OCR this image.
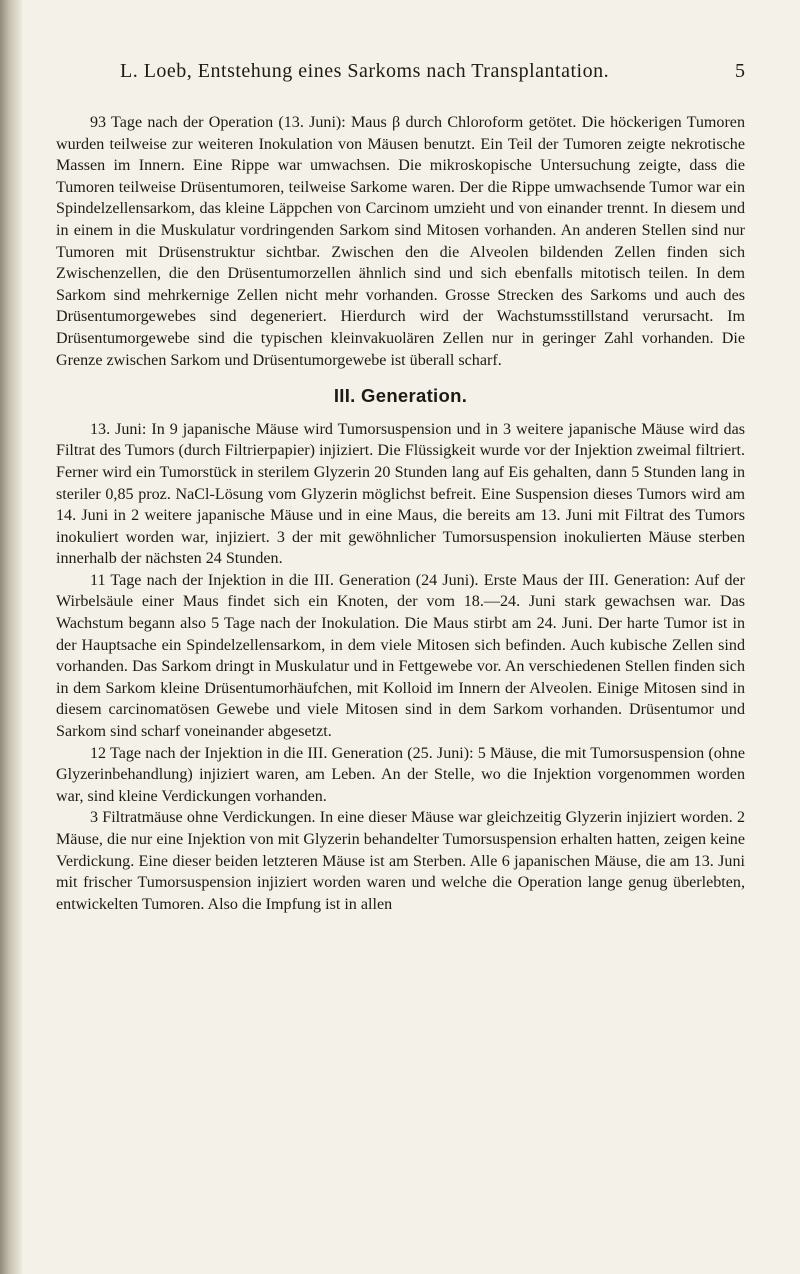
L. Loeb, Entstehung eines Sarkoms nach Transplantation.	5

93 Tage nach der Operation (13. Juni): Maus β durch Chloroform getötet. Die höckerigen Tumoren wurden teilweise zur weiteren Inokulation von Mäusen benutzt. Ein Teil der Tumoren zeigte nekrotische Massen im Innern. Eine Rippe war umwachsen. Die mikroskopische Untersuchung zeigte, dass die Tumoren teilweise Drüsentumoren, teilweise Sarkome waren. Der die Rippe umwachsende Tumor war ein Spindelzellensarkom, das kleine Läppchen von Carcinom umzieht und von einander trennt. In diesem und in einem in die Muskulatur vordringenden Sarkom sind Mitosen vorhanden. An anderen Stellen sind nur Tumoren mit Drüsenstruktur sichtbar. Zwischen den die Alveolen bildenden Zellen finden sich Zwischenzellen, die den Drüsentumorzellen ähnlich sind und sich ebenfalls mitotisch teilen. In dem Sarkom sind mehrkernige Zellen nicht mehr vorhanden. Grosse Strecken des Sarkoms und auch des Drüsentumorgewebes sind degeneriert. Hierdurch wird der Wachstumsstillstand verursacht. Im Drüsentumorgewebe sind die typischen kleinvakuolären Zellen nur in geringer Zahl vorhanden. Die Grenze zwischen Sarkom und Drüsentumorgewebe ist überall scharf.

III. Generation.

13. Juni: In 9 japanische Mäuse wird Tumorsuspension und in 3 weitere japanische Mäuse wird das Filtrat des Tumors (durch Filtrierpapier) injiziert. Die Flüssigkeit wurde vor der Injektion zweimal filtriert. Ferner wird ein Tumorstück in sterilem Glyzerin 20 Stunden lang auf Eis gehalten, dann 5 Stunden lang in steriler 0,85 proz. NaCl-Lösung vom Glyzerin möglichst befreit. Eine Suspension dieses Tumors wird am 14. Juni in 2 weitere japanische Mäuse und in eine Maus, die bereits am 13. Juni mit Filtrat des Tumors inokuliert worden war, injiziert. 3 der mit gewöhnlicher Tumorsuspension inokulierten Mäuse sterben innerhalb der nächsten 24 Stunden.

11 Tage nach der Injektion in die III. Generation (24 Juni). Erste Maus der III. Generation: Auf der Wirbelsäule einer Maus findet sich ein Knoten, der vom 18.—24. Juni stark gewachsen war. Das Wachstum begann also 5 Tage nach der Inokulation. Die Maus stirbt am 24. Juni. Der harte Tumor ist in der Hauptsache ein Spindelzellensarkom, in dem viele Mitosen sich befinden. Auch kubische Zellen sind vorhanden. Das Sarkom dringt in Muskulatur und in Fettgewebe vor. An verschiedenen Stellen finden sich in dem Sarkom kleine Drüsentumorhäufchen, mit Kolloid im Innern der Alveolen. Einige Mitosen sind in diesem carcinomatösen Gewebe und viele Mitosen sind in dem Sarkom vorhanden. Drüsentumor und Sarkom sind scharf voneinander abgesetzt.

12 Tage nach der Injektion in die III. Generation (25. Juni): 5 Mäuse, die mit Tumorsuspension (ohne Glyzerinbehandlung) injiziert waren, am Leben. An der Stelle, wo die Injektion vorgenommen worden war, sind kleine Verdickungen vorhanden.

3 Filtratmäuse ohne Verdickungen. In eine dieser Mäuse war gleichzeitig Glyzerin injiziert worden. 2 Mäuse, die nur eine Injektion von mit Glyzerin behandelter Tumorsuspension erhalten hatten, zeigen keine Verdickung. Eine dieser beiden letzteren Mäuse ist am Sterben. Alle 6 japanischen Mäuse, die am 13. Juni mit frischer Tumorsuspension injiziert worden waren und welche die Operation lange genug überlebten, entwickelten Tumoren. Also die Impfung ist in allen
